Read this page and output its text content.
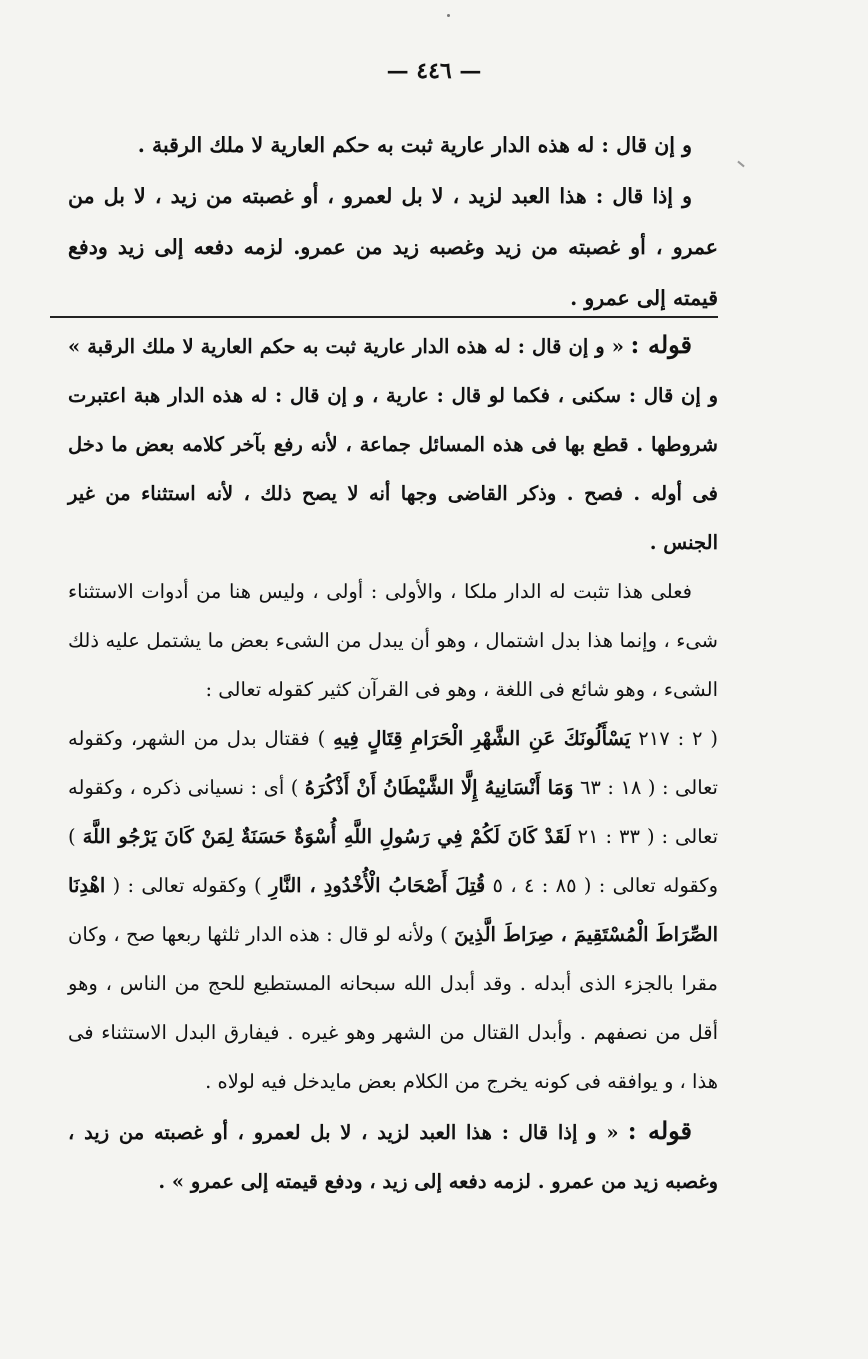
— ٤٤٦ —

و إن قال : له هذه الدار عارية ثبت به حكم العارية لا ملك الرقبة .

و إذا قال : هذا العبد لزيد ، لا بل لعمرو ، أو غصبته من زيد ، لا بل من عمرو ، أو غصبته من زيد وغصبه زيد من عمرو. لزمه دفعه إلى زيد ودفع قيمته إلى عمرو .

قوله : « و إن قال : له هذه الدار عارية ثبت به حكم العارية لا ملك الرقبة » و إن قال : سكنى ، فكما لو قال : عارية ، و إن قال : له هذه الدار هبة اعتبرت شروطها . قطع بها فى هذه المسائل جماعة ، لأنه رفع بآخر كلامه بعض ما دخل فى أوله . فصح . وذكر القاضى وجها أنه لا يصح ذلك ، لأنه استثناء من غير الجنس .

فعلى هذا تثبت له الدار ملكا ، والأولى : أولى ، وليس هنا من أدوات الاستثناء شىء ، وإنما هذا بدل اشتمال ، وهو أن يبدل من الشىء بعض ما يشتمل عليه ذلك الشىء ، وهو شائع فى اللغة ، وهو فى القرآن كثير كقوله تعالى :

( ٢ : ٢١٧ يَسْأَلُونَكَ عَنِ الشَّهْرِ الْحَرَامِ قِتَالٍ فِيهِ ) فقتال بدل من الشهر، وكقوله تعالى : ( ١٨ : ٦٣ وَمَا أَنْسَانِيهُ إِلَّا الشَّيْطَانُ أَنْ أَذْكُرَهُ ) أى : نسيانى ذكره ، وكقوله تعالى : ( ٣٣ : ٢١ لَقَدْ كَانَ لَكُمْ فِي رَسُولِ اللَّهِ أُسْوَةٌ حَسَنَةٌ لِمَنْ كَانَ يَرْجُو اللَّهَ ) وكقوله تعالى : ( ٨٥ : ٤ ، ٥ قُتِلَ أَصْحَابُ الْأُخْدُودِ ، النَّارِ ) وكقوله تعالى : ( اهْدِنَا الصِّرَاطَ الْمُسْتَقِيمَ ، صِرَاطَ الَّذِينَ ) ولأنه لو قال : هذه الدار ثلثها ربعها صح ، وكان مقرا بالجزء الذى أبدله . وقد أبدل الله سبحانه المستطيع للحج من الناس ، وهو أقل من نصفهم . وأبدل القتال من الشهر وهو غيره . فيفارق البدل الاستثناء فى هذا ، و يوافقه فى كونه يخرج من الكلام بعض مايدخل فيه لولاه .

قوله : « و إذا قال : هذا العبد لزيد ، لا بل لعمرو ، أو غصبته من زيد ، وغصبه زيد من عمرو . لزمه دفعه إلى زيد ، ودفع قيمته إلى عمرو » .
